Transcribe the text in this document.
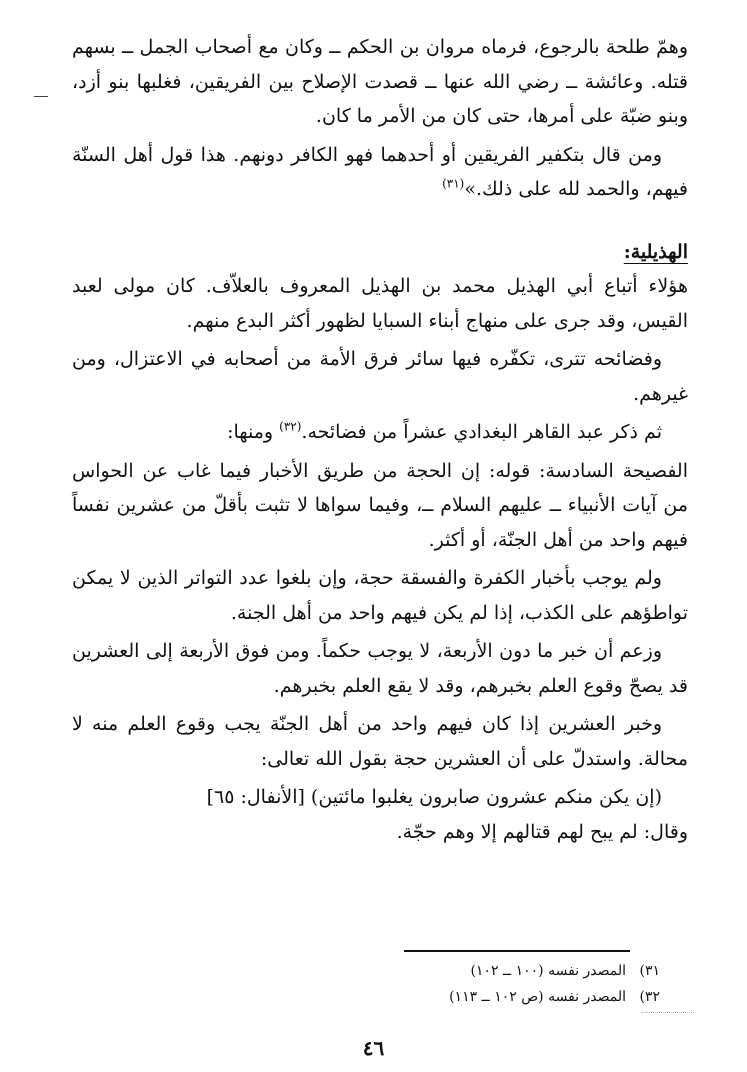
وهمّ طلحة بالرجوع، فرماه مروان بن الحكم ــ وكان مع أصحاب الجمل ــ بسهم قتله. وعائشة ــ رضي الله عنها ــ قصدت الإصلاح بين الفريقين، فغلبها بنو أزد، وبنو ضبّة على أمرها، حتى كان من الأمر ما كان.

ومن قال بتكفير الفريقين أو أحدهما فهو الكافر دونهم. هذا قول أهل السنّة فيهم، والحمد لله على ذلك.»$^{(٣١)}$

الهذيلية:

هؤلاء أتباع أبي الهذيل محمد بن الهذيل المعروف بالعلاّف. كان مولى لعبد القيس، وقد جرى على منهاج أبناء السبايا لظهور أكثر البدع منهم.

وفضائحه تترى، تكفّره فيها سائر فرق الأمة من أصحابه في الاعتزال، ومن غيرهم.

ثم ذكر عبد القاهر البغدادي عشراً من فضائحه.$^{(٣٢)}$ ومنها:

الفصيحة السادسة: قوله: إن الحجة من طريق الأخبار فيما غاب عن الحواس من آيات الأنبياء ــ عليهم السلام ــ، وفيما سواها لا تثبت بأقلّ من عشرين نفساً فيهم واحد من أهل الجنّة، أو أكثر.

ولم يوجب بأخبار الكفرة والفسقة حجة، وإن بلغوا عدد التواتر الذين لا يمكن تواطؤهم على الكذب، إذا لم يكن فيهم واحد من أهل الجنة.

وزعم أن خبر ما دون الأربعة، لا يوجب حكماً. ومن فوق الأربعة إلى العشرين قد يصحّ وقوع العلم بخبرهم، وقد لا يقع العلم بخبرهم.

وخبر العشرين إذا كان فيهم واحد من أهل الجنّة يجب وقوع العلم منه لا محالة. واستدلّ على أن العشرين حجة بقول الله تعالى:

(إن يكن منكم عشرون صابرون يغلبوا مائتين) [الأنفال: ٦٥]

وقال: لم يبح لهم قتالهم إلا وهم حجّة.

٣١)المصدر نفسه (١٠٠ ــ ١٠٢)
٣٢)المصدر نفسه (ص ١٠٢ ــ ١١٣)
٤٦
